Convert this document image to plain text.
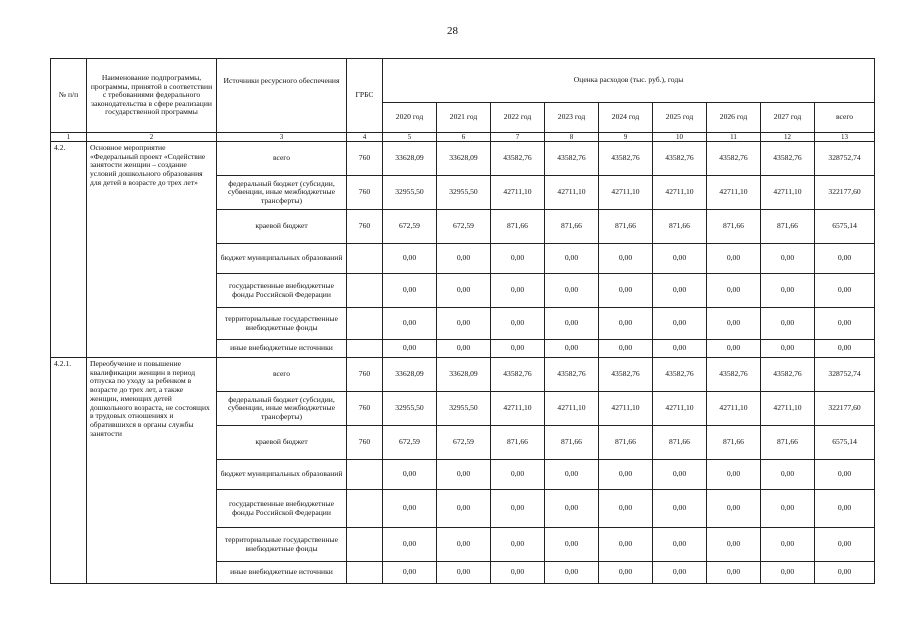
28
№ п/п	Наименование подпрограммы, программы, принятой в соответствии с требованиями федерального законодательства в сфере реализации государственной программы	Источники ресурсного обеспечения	ГРБС	Оценка расходов (тыс. руб.), годы								
				2020 год	2021 год	2022 год	2023 год	2024 год	2025 год	2026 год	2027 год	всего
1	2	3	4	5	6	7	8	9	10	11	12	13
4.2.	Основное мероприятие «Федеральный проект «Содействие занятости женщин – создание условий дошкольного образования для детей в возрасте до трех лет»	всего	760	33628,09	33628,09	43582,76	43582,76	43582,76	43582,76	43582,76	43582,76	328752,74
		федеральный бюджет (субсидии, субвенции, иные межбюджетные трансферты)	760	32955,50	32955,50	42711,10	42711,10	42711,10	42711,10	42711,10	42711,10	322177,60
		краевой бюджет	760	672,59	672,59	871,66	871,66	871,66	871,66	871,66	871,66	6575,14
		бюджет муниципальных образований		0,00	0,00	0,00	0,00	0,00	0,00	0,00	0,00	0,00
		государственные внебюджетные фонды Российской Федерации		0,00	0,00	0,00	0,00	0,00	0,00	0,00	0,00	0,00
		территориальные государственные внебюджетные фонды		0,00	0,00	0,00	0,00	0,00	0,00	0,00	0,00	0,00
		иные внебюджетные источники		0,00	0,00	0,00	0,00	0,00	0,00	0,00	0,00	0,00
4.2.1.	Переобучение и повышение квалификации женщин в период отпуска по уходу за ребенком в возрасте до трех лет, а также женщин, имеющих детей дошкольного возраста, не состоящих в трудовых отношениях и обратившихся в органы службы занятости	всего	760	33628,09	33628,09	43582,76	43582,76	43582,76	43582,76	43582,76	43582,76	328752,74
		федеральный бюджет (субсидии, субвенции, иные межбюджетные трансферты)	760	32955,50	32955,50	42711,10	42711,10	42711,10	42711,10	42711,10	42711,10	322177,60
		краевой бюджет	760	672,59	672,59	871,66	871,66	871,66	871,66	871,66	871,66	6575,14
		бюджет муниципальных образований		0,00	0,00	0,00	0,00	0,00	0,00	0,00	0,00	0,00
		государственные внебюджетные фонды Российской Федерации		0,00	0,00	0,00	0,00	0,00	0,00	0,00	0,00	0,00
		территориальные государственные внебюджетные фонды		0,00	0,00	0,00	0,00	0,00	0,00	0,00	0,00	0,00
		иные внебюджетные источники		0,00	0,00	0,00	0,00	0,00	0,00	0,00	0,00	0,00
